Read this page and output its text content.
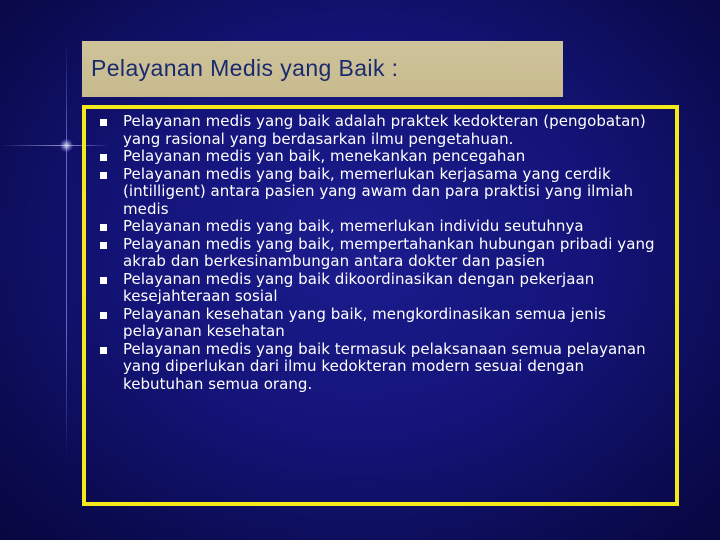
Pelayanan Medis yang Baik :
Pelayanan medis yang baik adalah praktek kedokteran (pengobatan) yang rasional yang berdasarkan ilmu pengetahuan.
Pelayanan medis yan baik, menekankan pencegahan
Pelayanan medis yang baik, memerlukan kerjasama yang cerdik (intilligent) antara pasien yang awam dan para praktisi yang ilmiah medis
Pelayanan medis yang baik, memerlukan individu seutuhnya
Pelayanan medis yang baik, mempertahankan hubungan pribadi yang akrab dan berkesinambungan antara dokter dan pasien
Pelayanan medis yang baik dikoordinasikan dengan pekerjaan kesejahteraan sosial
Pelayanan kesehatan yang baik, mengkordinasikan semua jenis pelayanan kesehatan
Pelayanan medis yang baik termasuk pelaksanaan semua pelayanan yang diperlukan dari ilmu kedokteran modern sesuai dengan kebutuhan semua orang.
